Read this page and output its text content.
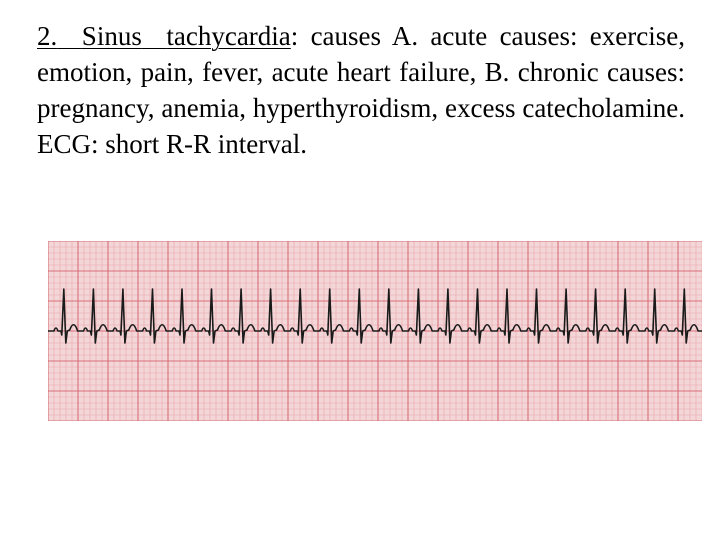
2. Sinus tachycardia: causes A. acute causes: exercise, emotion, pain, fever, acute heart failure, B. chronic causes: pregnancy, anemia, hyperthyroidism, excess catecholamine. ECG: short R-R interval.
